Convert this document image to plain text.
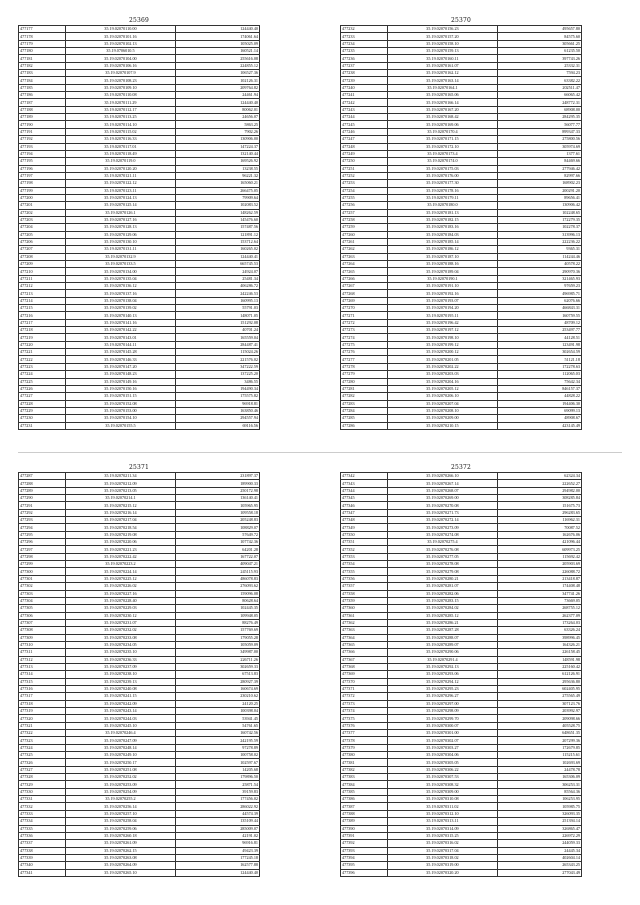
25369
477177	35.19.02070110.00	124440.40
477178	35.19.02070101.16	174061.64
477179	35.19.02070102.13	105025.09
477180	35.19.0706010.5	160521.14
477181	35.19.02070104.00	255616.08
477182	35.19.02070106.16	224855.12
477183	35.19.02070107.9	106527.36
477184	35.19.02070108.23	102126.31
477185	35.19.02070109.10	209764.82
477186	35.19.02070110.08	24461.94
477187	35.19.02070111.29	124440.40
477188	35.19.02070112.17	80062.01
477189	35.19.02070113.25	24656.07
477190	35.19.02070114.10	5863.25
477191	35.19.02070115.02	7902.26
477192	35.19.02070116.33	130906.00
477193	35.19.02070117.01	147224.37
477194	35.19.02070118.49	132140.44
477195	35.19.02070119.0	169526.92
477196	35.19.02070120.20	13238.55
477197	35.19.02070121.11	96221.32
477198	35.19.02070122.12	165060.21
477199	35.19.02070123.11	266475.05
477200	35.19.02070124.13	79909.64
477201	35.19.02070125.14	102083.52
477202	35.19.02070126.1	148262.59
477203	35.19.02070127.16	145476.60
477204	35.19.02070128.13	157487.56
477205	35.19.02070129.06	121891.12
477206	35.19.02070130.10	153712.64
477207	35.19.02070131.11	160265.02
477208	35.19.02070132.9	124440.41
477209	35.19.02070133.5	665745.53
477210	35.19.02070134.00	24924.07
477211	35.19.02070135.04	25481.34
477212	35.19.02070136.12	406286.72
477213	35.19.02070137.16	242246.53
477214	35.19.02070138.04	160995.13
477215	35.19.02070139.02	55791.03
477216	35.19.02070140.13	148071.05
477217	35.19.02070141.16	151292.08
477218	35.19.02070142.22	40701.24
477219	35.19.02070143.01	165559.04
477220	35.19.02070144.11	284487.41
477221	35.19.02070145.28	115024.26
477222	35.19.02070146.33	221576.02
477223	35.19.02070147.20	347222.59
477224	35.19.02070148.23	137225.20
477225	35.19.02070149.16	3486.55
477226	35.19.02070150.16	194490.34
477227	35.19.02070151.15	175575.82
477228	35.19.02070152.08	96918.81
477229	35.19.02070153.00	163850.46
477230	35.19.02070154.10	294557.94
477231	35.19.02070155.5	69116.56
25370
477232	35.19.02070156.23	495657.80
477233	35.19.02070157.20	84575.60
477234	35.19.02070158.10	305661.25
477235	35.19.02070159.13	61235.50
477236	35.19.02070160.11	397743.26
477237	35.19.02070161.07	25332.31
477238	35.19.02070162.12	7594.23
477239	35.19.02070163.14	63382.22
477240	35.19.02070164.1	202511.47
477241	35.19.02070165.06	66065.42
477242	35.19.02070166.14	248772.31
477243	35.19.02070167.20	68908.00
477244	35.19.02070168.42	284295.35
477245	35.19.02070169.06	56077.77
477246	35.19.02070170.4	899347.33
477247	35.19.02070171.15	275800.56
477248	35.19.02070172.10	305974.69
477249	35.19.02070173.4	1377.61
477250	35.19.02070174.0	84469.66
477251	35.19.02070175.03	277946.42
477252	35.19.02070176.00	82997.66
477253	35.19.02070177.30	168902.23
477254	35.19.02070178.16	200291.20
477255	35.19.02070179.11	89656.41
477256	35.19.02070180.0	130906.42
477257	35.19.02070181.13	102248.65
477258	35.19.02070182.15	172279.35
477259	35.19.02070183.16	102278.37
477260	35.19.02070184.03	313996.13
477261	35.19.02070185.14	222236.22
477262	35.19.02070186.12	9365.31
477263	35.19.02070187.10	114244.46
477264	35.19.02070188.16	40578.22
477265	35.19.02070189.04	290970.36
477266	35.19.02070190.1	321465.93
477267	35.19.02070191.10	97659.23
477268	35.19.02070192.16	496985.71
477269	35.19.02070193.07	62076.66
477270	35.19.02070194.20	466843.31
477271	35.19.02070195.11	160759.55
477272	35.19.02070196.42	48709.12
477273	35.19.02070197.12	253497.77
477274	35.19.02070198.10	44128.51
477275	35.19.02070199.12	123491.98
477276	35.19.02070200.12	302654.59
477277	35.19.02070201.05	51121.18
477278	35.19.02070202.22	172278.63
477279	35.19.02070203.03	112065.03
477280	35.19.02070204.16	75642.34
477281	35.19.02070205.12	846157.37
477282	35.19.02070206.10	44828.22
477283	35.19.02070207.04	194406.30
477284	35.19.02070208.10	69099.13
477285	35.19.02070209.00	48908.67
477286	35.19.02070210.15	423145.49
25371
477287	35.19.02070211.34	231897.37
477288	35.19.02070212.09	189900.33
477289	35.19.02070213.05	250172.98
477290	35.19.02070214.1	136140.41
477291	35.19.02070215.12	105965.95
477292	35.19.02070216.14	109558.18
477293	35.19.02070217.04	205248.83
477294	35.19.02070218.54	108829.07
477295	35.19.02070219.08	57649.72
477296	35.19.02070220.06	107742.36
477297	35.19.02070221.23	64201.28
477298	35.19.02070222.42	167722.07
477299	35.19.02070223.2	409047.21
477300	35.19.02070224.14	245115.93
477301	35.19.02070225.12	486078.83
477302	35.19.02070226.02	276093.62
477303	35.19.02070227.16	159096.08
477304	35.19.02070228.40	80628.64
477305	35.19.02070229.03	102445.35
477306	35.19.02070230.12	109948.05
477307	35.19.02070231.07	88276.49
477308	35.19.02070232.02	157769.69
477309	35.19.02070233.08	179055.28
477310	35.19.02070234.05	105059.09
477311	35.19.02070235.10	349987.00
477312	35.19.02070236.33	226711.26
477313	35.19.02070237.09	302659.33
477314	35.19.02070238.10	67513.83
477315	35.19.02070239.13	280927.39
477316	35.19.02070240.08	160674.69
477317	35.19.02070241.15	230210.62
477318	35.19.02070242.09	24120.25
477319	35.19.02070243.14	100398.04
477320	35.19.02070244.03	53941.45
477321	35.19.02070245.10	54761.65
477322	35.19.02070246.4	160742.56
477323	35.19.02070247.09	242195.59
477324	35.19.02070248.14	97278.89
477325	35.19.02070249.10	100758.02
477326	35.19.02070250.17	102597.67
477327	35.19.02070251.08	14205.68
477328	35.19.02070252.02	179896.50
477329	35.19.02070253.09	25871.54
477330	35.19.02070254.09	39159.83
477331	35.19.02070255.2	177456.02
477332	35.19.02070256.14	286022.92
477333	35.19.02070257.10	44574.39
477334	35.19.02070258.04	135109.44
477335	35.19.02070259.06	285009.07
477336	35.19.02070260.18	42191.02
477337	35.19.02070261.09	96916.81
477338	35.19.02070262.15	49423.39
477339	35.19.02070263.08	177245.18
477340	35.19.02070264.09	162577.88
477341	35.19.02070265.10	124440.40
25372
477342	35.19.02070266.10	62324.34
477343	35.19.02070267.14	222652.27
477344	35.19.02070268.07	294982.00
477345	35.19.02070269.00	308285.84
477346	35.19.02070270.08	151675.73
477347	35.19.02070271.73	296283.65
477348	35.19.02070272.14	116962.31
477349	35.19.02070273.09	70087.52
477350	35.19.02070274.08	162676.06
477351	35.19.02070275.4	421096.44
477352	35.19.02070276.08	609973.25
477353	35.19.02070277.05	115692.42
477354	35.19.02070278.08	205903.69
477355	35.19.02070279.08	226088.72
477356	35.19.02070280.21	213418.87
477357	35.19.02070281.07	174408.48
477358	35.19.02070282.06	347741.26
477359	35.19.02070283.15	73669.05
477360	35.19.02070284.02	268755.12
477361	35.19.02070285.12	262377.09
477362	35.19.02070286.21	173264.03
477363	35.19.02070287.28	63326.24
477364	35.19.02070288.07	398996.45
477365	35.19.02070289.07	164326.21
477366	35.19.02070290.06	226158.45
477367	35.19.02070291.4	148591.98
477368	35.19.02070292.13	225160.42
477369	35.19.02070293.06	612126.91
477370	35.19.02070294.12	295636.80
477371	35.19.02070295.23	602405.95
477372	35.19.02070296.27	275565.49
477373	35.19.02070297.00	307123.76
477374	35.19.02070298.09	203992.97
477375	35.19.02070299.70	209098.66
477376	35.19.02070300.07	405528.75
477377	35.19.02070301.00	648651.35
477378	35.19.02070302.07	207299.36
477379	35.19.02070303.27	172679.85
477380	35.19.02070304.06	115215.61
477381	35.19.02070305.05	102693.69
477382	35.19.02070306.22	24478.78
477383	35.19.02070307.53	165306.09
477384	35.19.02070308.32	306253.31
477385	35.19.02070309.00	85564.36
477386	35.19.02070310.08	106253.95
477387	35.19.02070311.02	105985.75
477388	35.19.02070312.10	326093.35
477389	35.19.02070313.11	251394.14
477390	35.19.02070314.09	326865.47
477391	35.19.02070315.25	226972.29
477392	35.19.02070316.02	244059.33
477393	35.19.02070317.04	24445.34
477394	35.19.02070318.02	402604.14
477395	35.19.02070319.00	265343.25
477396	35.19.02070320.20	277043.49
